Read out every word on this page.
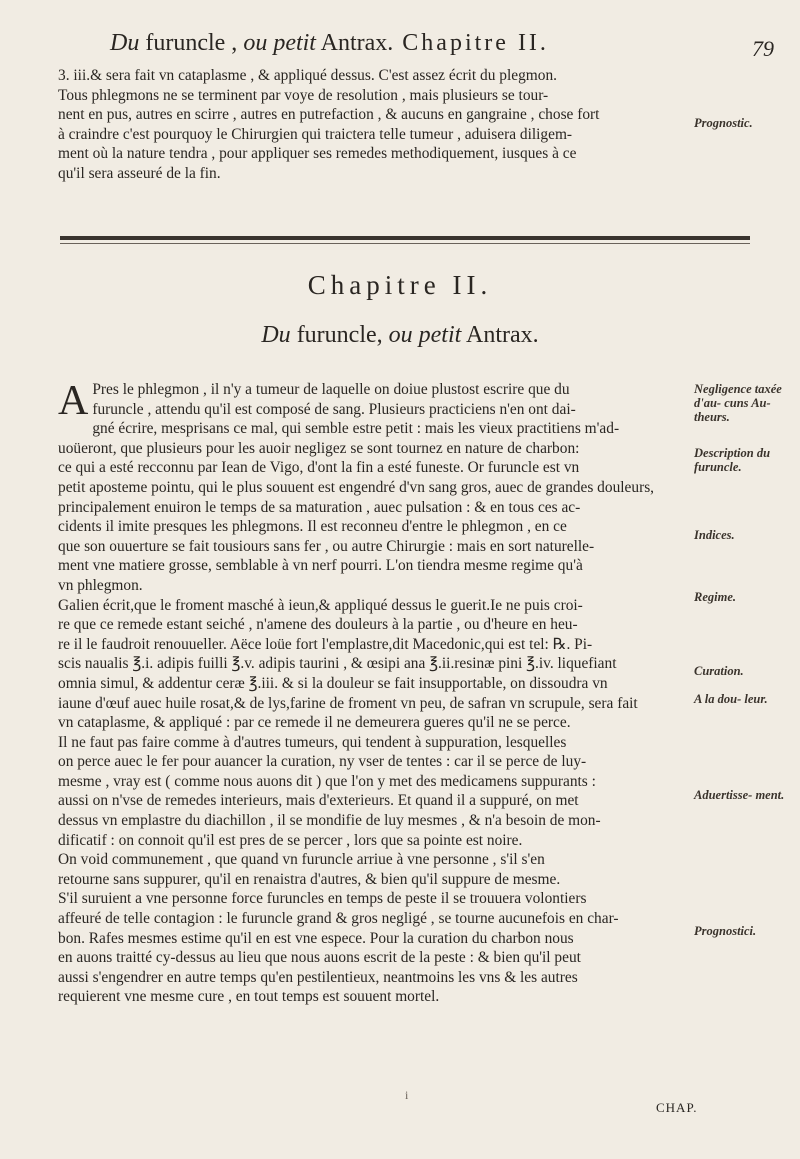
Du furuncle , ou petit Antrax. Chapitre II.	79

3. iii.& sera fait vn cataplasme , & appliqué dessus. C'est assez écrit du plegmon.

Tous phlegmons ne se terminent par voye de resolution , mais plusieurs se tour-

nent en pus, autres en scirre , autres en putrefaction , & aucuns en gangraine , chose fort

à craindre c'est pourquoy le Chirurgien qui traictera telle tumeur , aduisera diligem-

ment où la nature tendra , pour appliquer ses remedes methodiquement, iusques à ce

qu'il sera asseuré de la fin.

Prognostic.
Chapitre II.
Du furuncle, ou petit Antrax.

A Pres le phlegmon , il n'y a tumeur de laquelle on doiue plustost escrire que du

furuncle , attendu qu'il est composé de sang. Plusieurs practiciens n'en ont dai-

gné écrire, mesprisans ce mal, qui semble estre petit : mais les vieux practitiens m'ad-

uoüeront, que plusieurs pour les auoir negligez se sont tournez en nature de charbon:

ce qui a esté recconnu par Iean de Vigo, d'ont la fin a esté funeste. Or furuncle est vn

petit apostemе pointu, qui le plus souuent est engendré d'vn sang gros, auec de grandes douleurs,

principalement enuiron le temps de sa maturation , auec pulsation : & en tous ces ac-

cidents il imite presques les phlegmons. Il est reconneu d'entre le phlegmon , en ce

que son ouuerture se fait tousiours sans fer , ou autre Chirurgie : mais en sort naturelle-

ment vne matiere grosse, semblable à vn nerf pourri. L'on tiendra mesme regime qu'à

vn phlegmon.

Galien écrit,que le froment masché à ieun,& appliqué dessus le guerit.Ie ne puis croi-

re que ce remede estant seiché , n'amene des douleurs à la partie , ou d'heure en heu-

re il le faudroit renouueller. Aëce loüe fort l'emplastre,dit Macedonic,qui est tel: ℞. Pi-

scis naualis ℥.i. adipis fuilli ℥.v. adipis taurini , & œsipi ana ℥.ii.resinæ pini ℥.iv. liquefiant

omnia simul, & addentur ceræ ℥.iii. & si la douleur se fait insupportable, on dissoudra vn

iaune d'œuf auec huile rosat,& de lys,farine de froment vn peu, de safran vn scrupule, sera fait

vn cataplasme, & appliqué : par ce remede il ne demeurera gueres qu'il ne se perce.

Il ne faut pas faire comme à d'autres tumeurs, qui tendent à suppuration, lesquelles

on perce auec le fer pour auancer la curation, ny vser de tentes : car il se perce de luy-

mesme , vray est ( comme nous auons dit ) que l'on y met des medicamens suppurants :

aussi on n'vse de remedes interieurs, mais d'exterieurs. Et quand il a suppuré, on met

dessus vn emplastre du diachillon , il se mondifie de luy mesmes , & n'a besoin de mon-

dificatif : on connoit qu'il est pres de se percer , lors que sa pointe est noire.

On void communement , que quand vn furuncle arriue à vne personne , s'il s'en

retourne sans suppurer, qu'il en renaistra d'autres, & bien qu'il suppure de mesme.

S'il suruient a vne personne force furuncles en temps de peste il se trouuera volontiers

affeuré de telle contagion : le furuncle grand & gros negligé , se tourne aucunefois en char-

bon. Rafes mesmes estime qu'il en est vne espece. Pour la curation du charbon nous

en auons traitté cy-dessus au lieu que nous auons escrit de la peste : & bien qu'il peut

aussi s'engendrer en autre temps qu'en pestilentieux, neantmoins les vns & les autres

requierent vne mesme cure , en tout temps est souuent mortel.

Negligence taxée d'au- cuns Au- theurs.
Description du furuncle.
Indices.
Regime.
Curation.
A la dou- leur.
Aduertisse- ment.
Prognostici.
i
CHAP.
